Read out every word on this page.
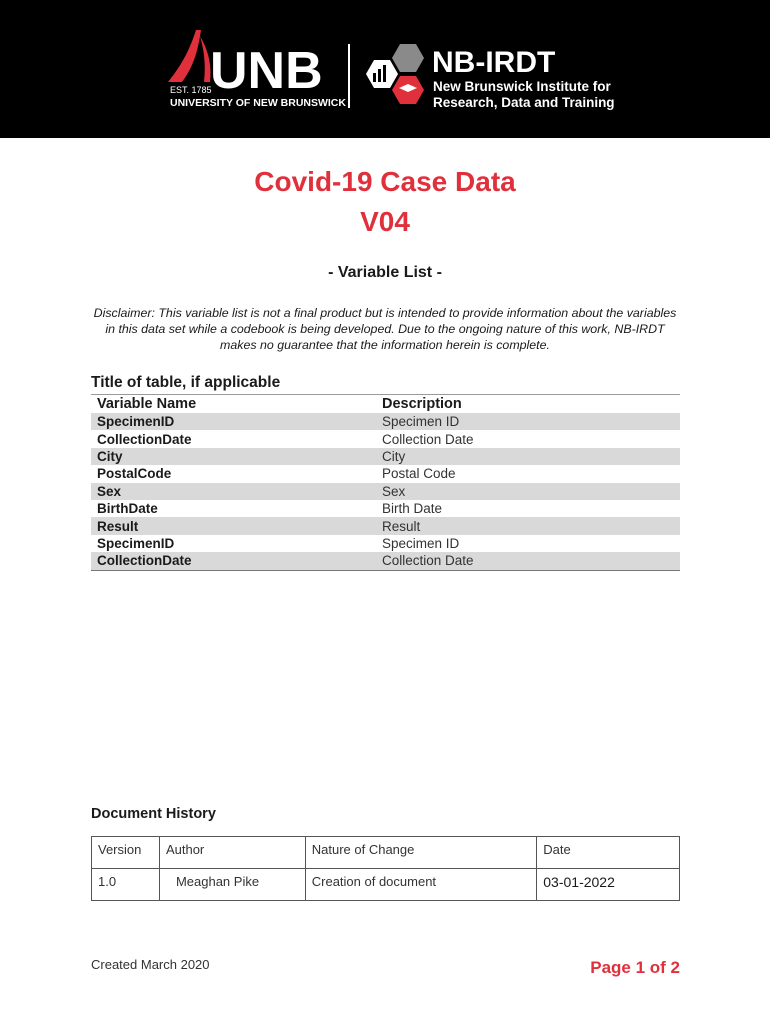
UNB
EST. 1785
UNIVERSITY OF NEW BRUNSWICK
NB-IRDT
New Brunswick Institute for
Research, Data and Training
Covid-19 Case Data
V04
- Variable List -
Disclaimer: This variable list is not a final product but is intended to provide information about the variables in this data set while a codebook is being developed. Due to the ongoing nature of this work, NB-IRDT makes no guarantee that the information herein is complete.
Title of table, if applicable
Variable Name	Description
SpecimenID	Specimen ID
CollectionDate	Collection Date
City	City
PostalCode	Postal Code
Sex	Sex
BirthDate	Birth Date
Result	Result
SpecimenID	Specimen ID
CollectionDate	Collection Date
Document History
Version	Author	Nature of Change	Date
1.0	Meaghan Pike	Creation of document	03-01-2022
Created March 2020	Page 1 of 2
